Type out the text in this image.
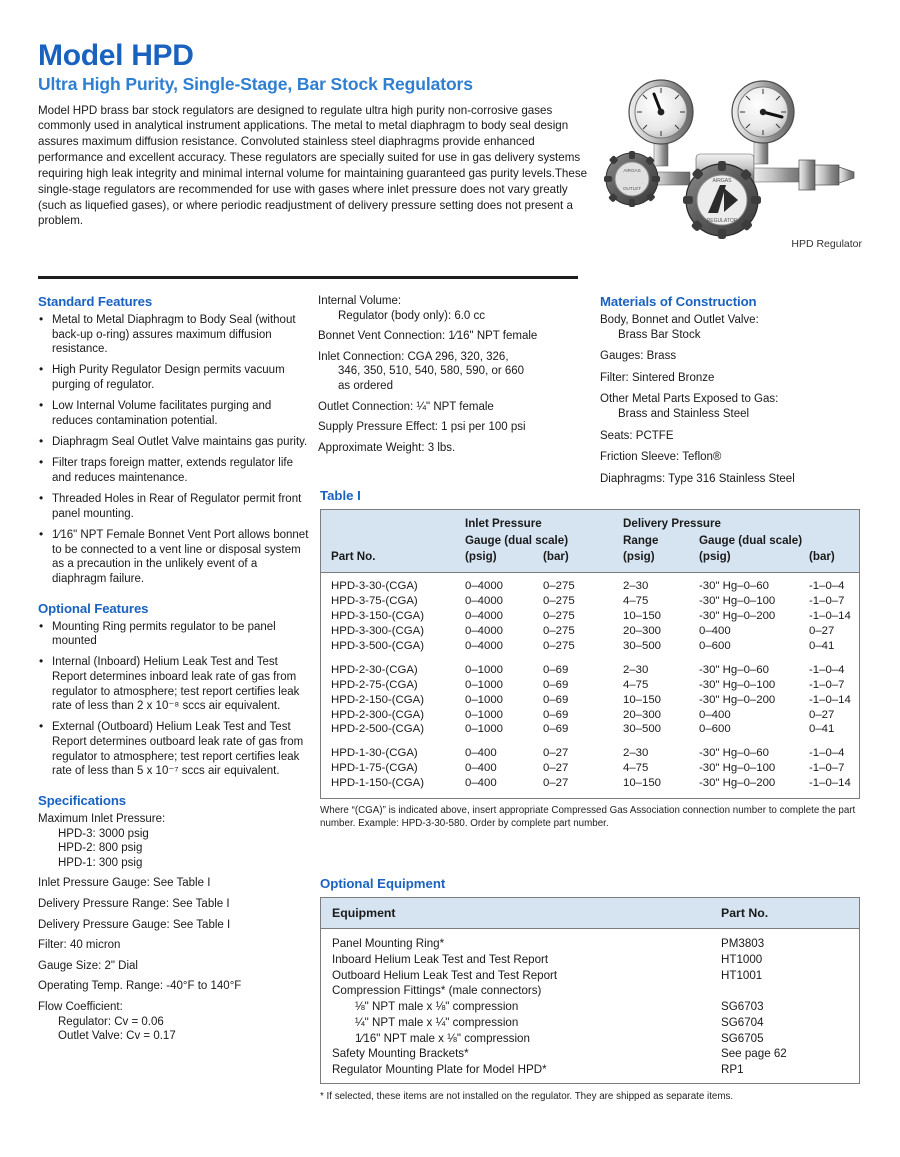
Model HPD
Ultra High Purity, Single-Stage, Bar Stock Regulators
Model HPD brass bar stock regulators are designed to regulate ultra high purity non-corrosive gases commonly used in analytical instrument applications. The metal to metal diaphragm to body seal design assures maximum diffusion resistance. Convoluted stainless steel diaphragms provide enhanced performance and excellent accuracy. These regulators are specially suited for use in gas delivery systems requiring high leak integrity and minimal internal volume for maintaining guaranteed gas purity levels.These single-stage regulators are recommended for use with gases where inlet pressure does not vary greatly (such as liquefied gases), or where periodic readjustment of delivery pressure setting does not present a problem.
AIRGAS
OUTLET
AIRGAS
REGULATOR
HPD Regulator
Standard Features
• Metal to Metal Diaphragm to Body Seal (without back-up o-ring) assures maximum diffusion resistance.
• High Purity Regulator Design permits vacuum purging of regulator.
• Low Internal Volume facilitates purging and reduces contamination potential.
• Diaphragm Seal Outlet Valve maintains gas purity.
• Filter traps foreign matter, extends regulator life and reduces maintenance.
• Threaded Holes in Rear of Regulator permit front panel mounting.
• 1⁄16" NPT Female Bonnet Vent Port allows bonnet to be connected to a vent line or disposal system as a precaution in the unlikely event of a diaphragm failure.
Optional Features
• Mounting Ring permits regulator to be panel mounted
• Internal (Inboard) Helium Leak Test and Test Report determines inboard leak rate of gas from regulator to atmosphere; test report certifies leak rate of less than 2 x 10⁻⁸ sccs air equivalent.
• External (Outboard) Helium Leak Test and Test Report determines outboard leak rate of gas from regulator to atmosphere; test report certifies leak rate of less than 5 x 10⁻⁷ sccs air equivalent.
Specifications
Maximum Inlet Pressure:
HPD-3: 3000 psig
HPD-2: 800 psig
HPD-1: 300 psig
Inlet Pressure Gauge: See Table I
Delivery Pressure Range: See Table I
Delivery Pressure Gauge: See Table I
Filter: 40 micron
Gauge Size: 2" Dial
Operating Temp. Range: -40°F to 140°F
Flow Coefficient:
Regulator: Cv = 0.06
Outlet Valve: Cv = 0.17
Internal Volume:
Regulator (body only): 6.0 cc
Bonnet Vent Connection: 1⁄16" NPT female
Inlet Connection: CGA 296, 320, 326,
346, 350, 510, 540, 580, 590, or 660
as ordered
Outlet Connection: ¼" NPT female
Supply Pressure Effect: 1 psi per 100 psi
Approximate Weight: 3 lbs.
Materials of Construction
Body, Bonnet and Outlet Valve:
Brass Bar Stock
Gauges: Brass
Filter: Sintered Bronze
Other Metal Parts Exposed to Gas:
Brass and Stainless Steel
Seats: PCTFE
Friction Sleeve: Teflon®
Diaphragms: Type 316 Stainless Steel
Table I

Inlet Pressure	Delivery Pressure

Gauge (dual scale)	Range	Gauge (dual scale)
Part No.	(psig)	(bar)	(psig)	(psig)	(bar)
HPD-3-30-(CGA)	0–4000	0–275	2–30	-30" Hg–0–60	-1–0–4
HPD-3-75-(CGA)	0–4000	0–275	4–75	-30" Hg–0–100	-1–0–7
HPD-3-150-(CGA)	0–4000	0–275	10–150	-30" Hg–0–200	-1–0–14
HPD-3-300-(CGA)	0–4000	0–275	20–300	0–400	0–27
HPD-3-500-(CGA)	0–4000	0–275	30–500	0–600	0–41
HPD-2-30-(CGA)	0–1000	0–69	2–30	-30" Hg–0–60	-1–0–4
HPD-2-75-(CGA)	0–1000	0–69	4–75	-30" Hg–0–100	-1–0–7
HPD-2-150-(CGA)	0–1000	0–69	10–150	-30" Hg–0–200	-1–0–14
HPD-2-300-(CGA)	0–1000	0–69	20–300	0–400	0–27
HPD-2-500-(CGA)	0–1000	0–69	30–500	0–600	0–41
HPD-1-30-(CGA)	0–400	0–27	2–30	-30" Hg–0–60	-1–0–4
HPD-1-75-(CGA)	0–400	0–27	4–75	-30" Hg–0–100	-1–0–7
HPD-1-150-(CGA)	0–400	0–27	10–150	-30" Hg–0–200	-1–0–14
Where “(CGA)” is indicated above, insert appropriate Compressed Gas Association connection number to complete the part number. Example: HPD-3-30-580. Order by complete part number.
Optional Equipment
Equipment	Part No.
Panel Mounting Ring*	PM3803
Inboard Helium Leak Test and Test Report	HT1000
Outboard Helium Leak Test and Test Report	HT1001
Compression Fittings* (male connectors)
⅛" NPT male x ⅛" compression	SG6703
¼" NPT male x ¼" compression	SG6704
1⁄16" NPT male x ⅛" compression	SG6705
Safety Mounting Brackets*	See page 62
Regulator Mounting Plate for Model HPD*	RP1
* If selected, these items are not installed on the regulator. They are shipped as separate items.
